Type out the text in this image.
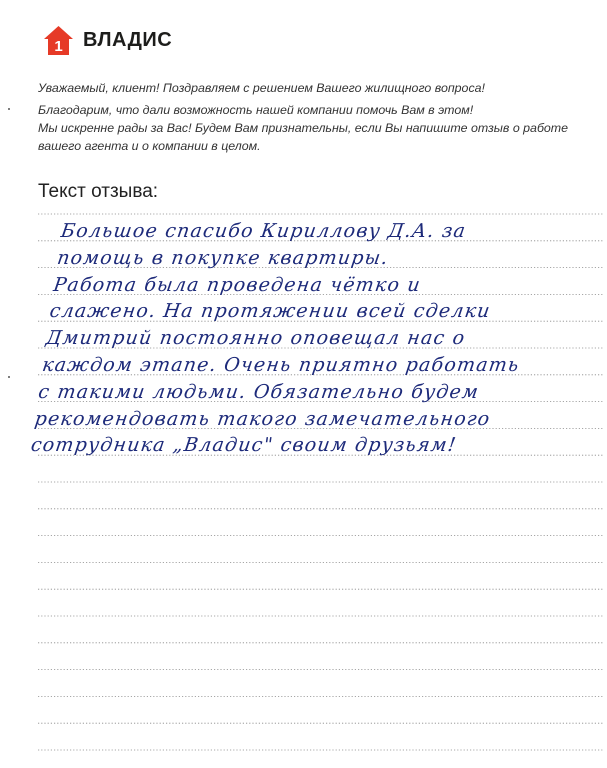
1 ВЛАДИС

Уважаемый, клиент! Поздравляем с решением Вашего жилищного вопроса!

Благодарим, что дали возможность нашей компании помочь Вам в этом!

Мы искренне рады за Вас! Будем Вам признательны, если Вы напишите отзыв о работе

вашего агента и о компании в целом.

Текст отзыва:
Большое спасибо Кириллову Д.А. за
помощь в покупке квартиры.
Работа была проведена чётко и
слажено. На протяжении всей сделки
Дмитрий постоянно оповещал нас о
каждом этапе. Очень приятно работать
с такими людьми. Обязательно будем
рекомендовать такого замечательного
сотрудника „Владис" своим друзьям!
